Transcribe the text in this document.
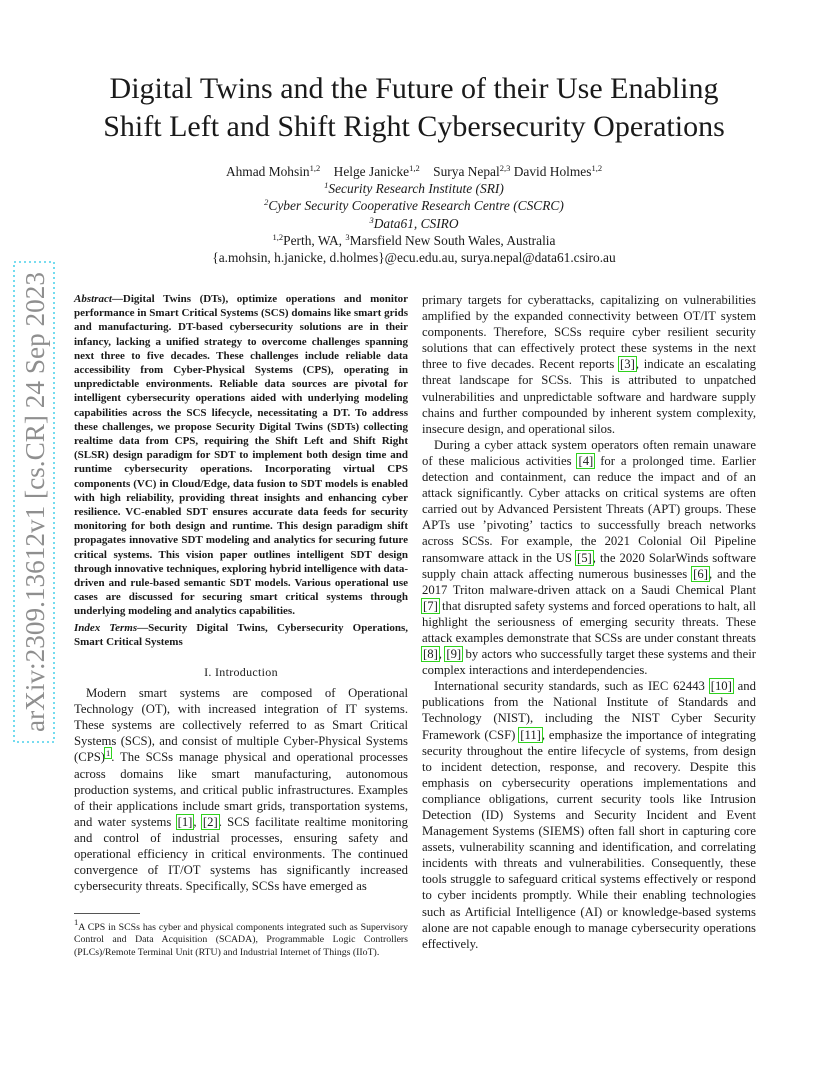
arXiv:2309.13612v1 [cs.CR] 24 Sep 2023
Digital Twins and the Future of their Use Enabling
Shift Left and Shift Right Cybersecurity Operations
Ahmad Mohsin$^{1,2}$ Helge Janicke$^{1,2}$ Surya Nepal$^{2,3}$ David Holmes$^{1,2}$
$^1$Security Research Institute (SRI)
$^2$Cyber Security Cooperative Research Centre (CSCRC)
$^3$Data61, CSIRO
$^{1,2}$Perth, WA, $^3$Marsfield New South Wales, Australia
{a.mohsin, h.janicke, d.holmes}@ecu.edu.au, surya.nepal@data61.csiro.au
Abstract—Digital Twins (DTs), optimize operations and monitor performance in Smart Critical Systems (SCS) domains like smart grids and manufacturing. DT-based cybersecurity solutions are in their infancy, lacking a unified strategy to overcome challenges spanning next three to five decades. These challenges include reliable data accessibility from Cyber-Physical Systems (CPS), operating in unpredictable environments. Reliable data sources are pivotal for intelligent cybersecurity operations aided with underlying modeling capabilities across the SCS lifecycle, necessitating a DT. To address these challenges, we propose Security Digital Twins (SDTs) collecting realtime data from CPS, requiring the Shift Left and Shift Right (SLSR) design paradigm for SDT to implement both design time and runtime cybersecurity operations. Incorporating virtual CPS components (VC) in Cloud/Edge, data fusion to SDT models is enabled with high reliability, providing threat insights and enhancing cyber resilience. VC-enabled SDT ensures accurate data feeds for security monitoring for both design and runtime. This design paradigm shift propagates innovative SDT modeling and analytics for securing future critical systems. This vision paper outlines intelligent SDT design through innovative techniques, exploring hybrid intelligence with data-driven and rule-based semantic SDT models. Various operational use cases are discussed for securing smart critical systems through underlying modeling and analytics capabilities.
Index Terms—Security Digital Twins, Cybersecurity Operations, Smart Critical Systems
I. Introduction

Modern smart systems are composed of Operational Technology (OT), with increased integration of IT systems. These systems are collectively referred to as Smart Critical Systems (SCS), and consist of multiple Cyber-Physical Systems (CPS)$^1$. The SCSs manage physical and operational processes across domains like smart manufacturing, autonomous production systems, and critical public infrastructures. Examples of their applications include smart grids, transportation systems, and water systems [1], [2]. SCS facilitate realtime monitoring and control of industrial processes, ensuring safety and operational efficiency in critical environments. The continued convergence of IT/OT systems has significantly increased cybersecurity threats. Specifically, SCSs have emerged as

$^1$A CPS in SCSs has cyber and physical components integrated such as Supervisory Control and Data Acquisition (SCADA), Programmable Logic Controllers (PLCs)/Remote Terminal Unit (RTU) and Industrial Internet of Things (IIoT).

primary targets for cyberattacks, capitalizing on vulnerabilities amplified by the expanded connectivity between OT/IT system components. Therefore, SCSs require cyber resilient security solutions that can effectively protect these systems in the next three to five decades. Recent reports [3], indicate an escalating threat landscape for SCSs. This is attributed to unpatched vulnerabilities and unpredictable software and hardware supply chains and further compounded by inherent system complexity, insecure design, and operational silos.

During a cyber attack system operators often remain unaware of these malicious activities [4] for a prolonged time. Earlier detection and containment, can reduce the impact and of an attack significantly. Cyber attacks on critical systems are often carried out by Advanced Persistent Threats (APT) groups. These APTs use ’pivoting’ tactics to successfully breach networks across SCSs. For example, the 2021 Colonial Oil Pipeline ransomware attack in the US [5], the 2020 SolarWinds software supply chain attack affecting numerous businesses [6], and the 2017 Triton malware-driven attack on a Saudi Chemical Plant [7] that disrupted safety systems and forced operations to halt, all highlight the seriousness of emerging security threats. These attack examples demonstrate that SCSs are under constant threats [8], [9] by actors who successfully target these systems and their complex interactions and interdependencies.

International security standards, such as IEC 62443 [10] and publications from the National Institute of Standards and Technology (NIST), including the NIST Cyber Security Framework (CSF) [11], emphasize the importance of integrating security throughout the entire lifecycle of systems, from design to incident detection, response, and recovery. Despite this emphasis on cybersecurity operations implementations and compliance obligations, current security tools like Intrusion Detection (ID) Systems and Security Incident and Event Management Systems (SIEMS) often fall short in capturing core assets, vulnerability scanning and identification, and correlating incidents with threats and vulnerabilities. Consequently, these tools struggle to safeguard critical systems effectively or respond to cyber incidents promptly. While their enabling technologies such as Artificial Intelligence (AI) or knowledge-based systems alone are not capable enough to manage cybersecurity operations effectively.
